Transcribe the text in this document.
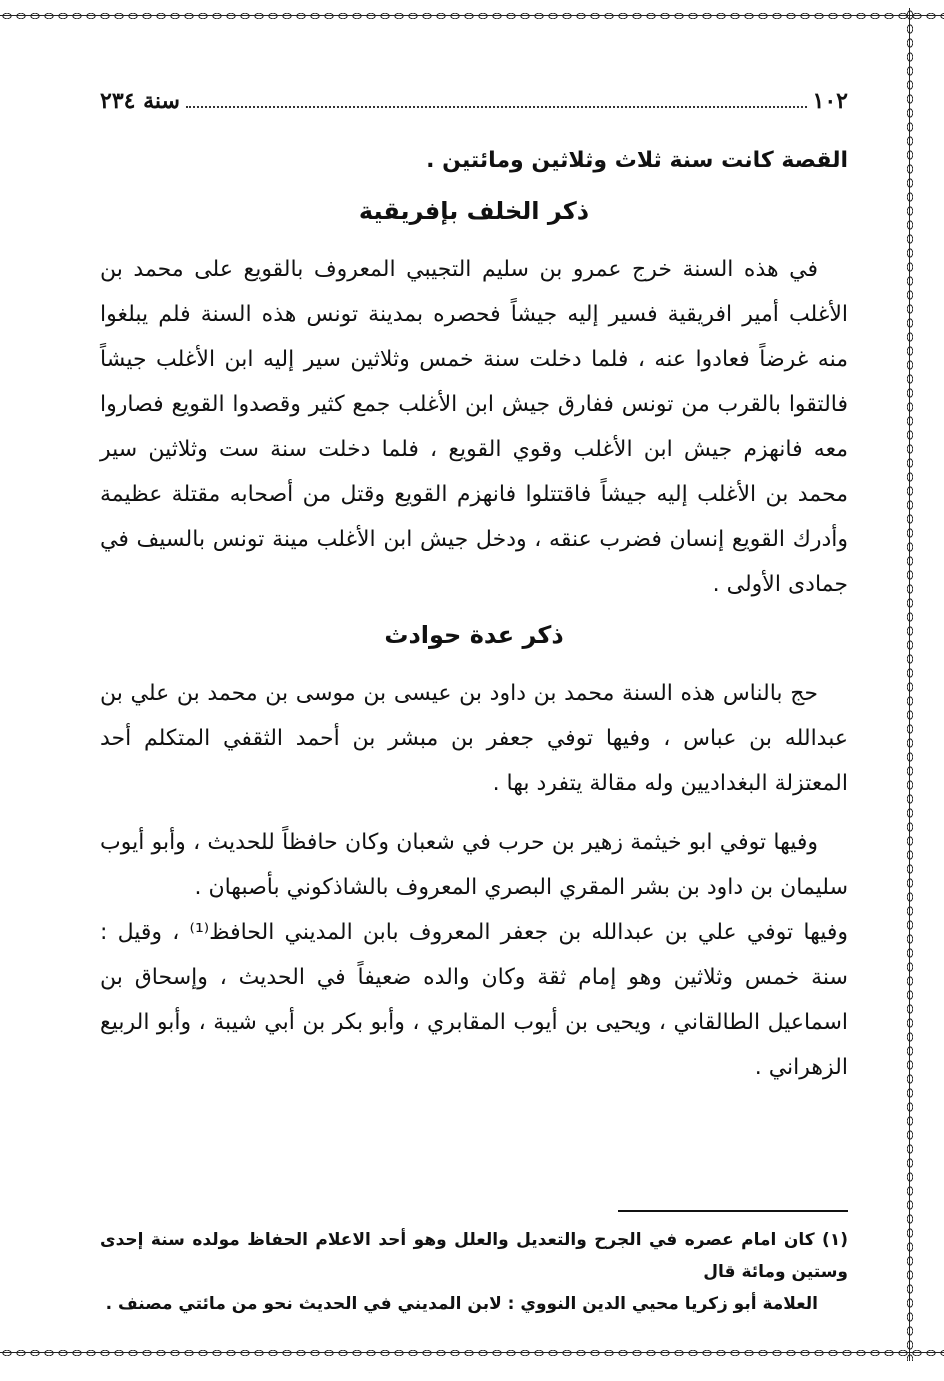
١٠٢
سنة ٢٣٤

القصة كانت سنة ثلاث وثلاثين ومائتين .

ذكر الخلف بإفريقية

في هذه السنة خرج عمرو بن سليم التجيبي المعروف بالقويع على محمد بن الأغلب أمير افريقية فسير إليه جيشاً فحصره بمدينة تونس هذه السنة فلم يبلغوا منه غرضاً فعادوا عنه ، فلما دخلت سنة خمس وثلاثين سير إليه ابن الأغلب جيشاً فالتقوا بالقرب من تونس ففارق جيش ابن الأغلب جمع كثير وقصدوا القويع فصاروا معه فانهزم جيش ابن الأغلب وقوي القويع ، فلما دخلت سنة ست وثلاثين سير محمد بن الأغلب إليه جيشاً فاقتتلوا فانهزم القويع وقتل من أصحابه مقتلة عظيمة وأدرك القويع إنسان فضرب عنقه ، ودخل جيش ابن الأغلب مينة تونس بالسيف في جمادى الأولى .

ذكر عدة حوادث

حج بالناس هذه السنة محمد بن داود بن عيسى بن موسى بن محمد بن علي بن عبدالله بن عباس ، وفيها توفي جعفر بن مبشر بن أحمد الثقفي المتكلم أحد المعتزلة البغداديين وله مقالة يتفرد بها .

وفيها توفي ابو خيثمة زهير بن حرب في شعبان وكان حافظاً للحديث ، وأبو أيوب سليمان بن داود بن بشر المقري البصري المعروف بالشاذكوني بأصبهان .

وفيها توفي علي بن عبدالله بن جعفر المعروف بابن المديني الحافظ⁽¹⁾ ، وقيل : سنة خمس وثلاثين وهو إمام ثقة وكان والده ضعيفاً في الحديث ، وإسحاق بن اسماعيل الطالقاني ، ويحيى بن أيوب المقابري ، وأبو بكر بن أبي شيبة ، وأبو الربيع الزهراني .

(١) كان امام عصره في الجرح والتعديل والعلل وهو أحد الاعلام الحفاظ مولده سنة إحدى وستين ومائة قال

العلامة أبو زكريا محيي الدين النووي : لابن المديني في الحديث نحو من مائتي مصنف .
